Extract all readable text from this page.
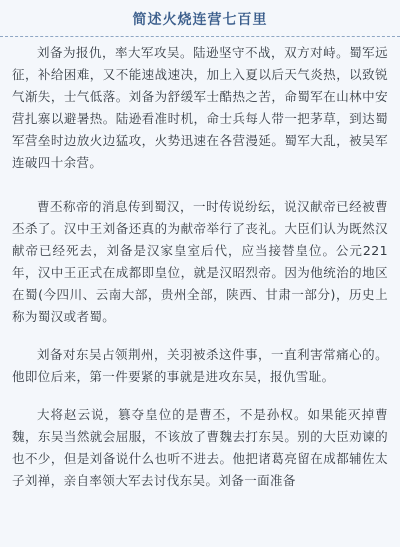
简述火烧连营七百里

刘备为报仇，率大军攻吴。陆逊坚守不战，双方对峙。蜀军远征，补给困难，又不能速战速决，加上入夏以后天气炎热，以致锐气渐失，士气低落。刘备为舒缓军士酷热之苦，命蜀军在山林中安营扎寨以避暑热。陆逊看准时机，命士兵每人带一把茅草，到达蜀军营垒时边放火边猛攻，火势迅速在各营漫延。蜀军大乱，被吴军连破四十余营。

曹丕称帝的消息传到蜀汉，一时传说纷纭，说汉献帝已经被曹丕杀了。汉中王刘备还真的为献帝举行了丧礼。大臣们认为既然汉献帝已经死去，刘备是汉家皇室后代，应当接替皇位。公元221年，汉中王正式在成都即皇位，就是汉昭烈帝。因为他统治的地区在蜀(今四川、云南大部，贵州全部，陕西、甘肃一部分)，历史上称为蜀汉或者蜀。

刘备对东吴占领荆州，关羽被杀这件事，一直利害常痛心的。他即位后来，第一件要紧的事就是进攻东吴，报仇雪耻。

大将赵云说，篡夺皇位的是曹丕，不是孙权。如果能灭掉曹魏，东吴当然就会屈服，不该放了曹魏去打东吴。别的大臣劝谏的也不少，但是刘备说什么也听不进去。他把诸葛亮留在成都辅佐太子刘禅，亲自率领大军去讨伐东吴。刘备一面准备
